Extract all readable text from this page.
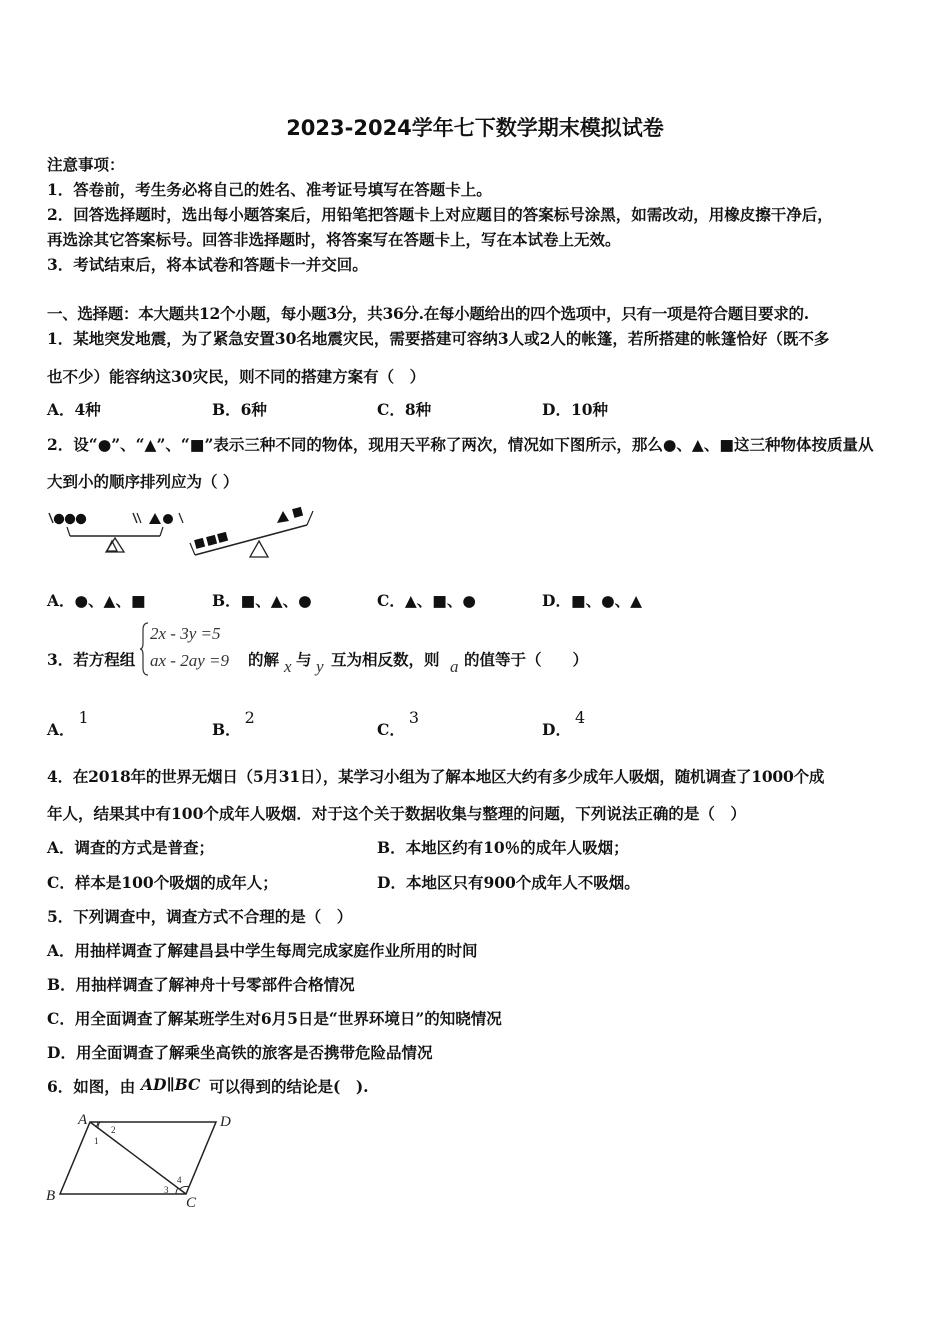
2023-2024学年七下数学期末模拟试卷
注意事项：
1．答卷前，考生务必将自己的姓名、准考证号填写在答题卡上。
2．回答选择题时，选出每小题答案后，用铅笔把答题卡上对应题目的答案标号涂黑，如需改动，用橡皮擦干净后，
再选涂其它答案标号。回答非选择题时，将答案写在答题卡上，写在本试卷上无效。
3．考试结束后，将本试卷和答题卡一并交回。
一、选择题：本大题共12个小题，每小题3分，共36分.在每小题给出的四个选项中，只有一项是符合题目要求的.
1．某地突发地震，为了紧急安置30名地震灾民，需要搭建可容纳3人或2人的帐篷，若所搭建的帐篷恰好（既不多
也不少）能容纳这30灾民，则不同的搭建方案有（　）
A．4种	B．6种	C．8种	D．10种
2．设“●”、“▲”、“■”表示三种不同的物体，现用天平称了两次，情况如下图所示，那么●、▲、■这三种物体按质量从
大到小的顺序排列应为（ ）
A．●、▲、■	B．■、▲、●	C．▲、■、●	D．■、●、▲
3．若方程组
2x - 3y =5
ax - 2ay =9 的解 x 与 y 互为相反数，则 a 的值等于（　　）
A．1
B．2
C．3
D．4
4．在2018年的世界无烟日（5月31日），某学习小组为了解本地区大约有多少成年人吸烟，随机调查了1000个成
年人，结果其中有100个成年人吸烟．对于这个关于数据收集与整理的问题，下列说法正确的是（　）
A．调查的方式是普查；	B．本地区约有10％的成年人吸烟；
C．样本是100个吸烟的成年人；	D．本地区只有900个成年人不吸烟。
5．下列调查中，调查方式不合理的是（　）
A．用抽样调查了解建昌县中学生每周完成家庭作业所用的时间
B．用抽样调查了解神舟十号零部件合格情况
C．用全面调查了解某班学生对6月5日是“世界环境日”的知晓情况
D．用全面调查了解乘坐高铁的旅客是否携带危险品情况
6．如图，由 AD∥BC 可以得到的结论是(　).
A	D
B	C
1
2
3
4
